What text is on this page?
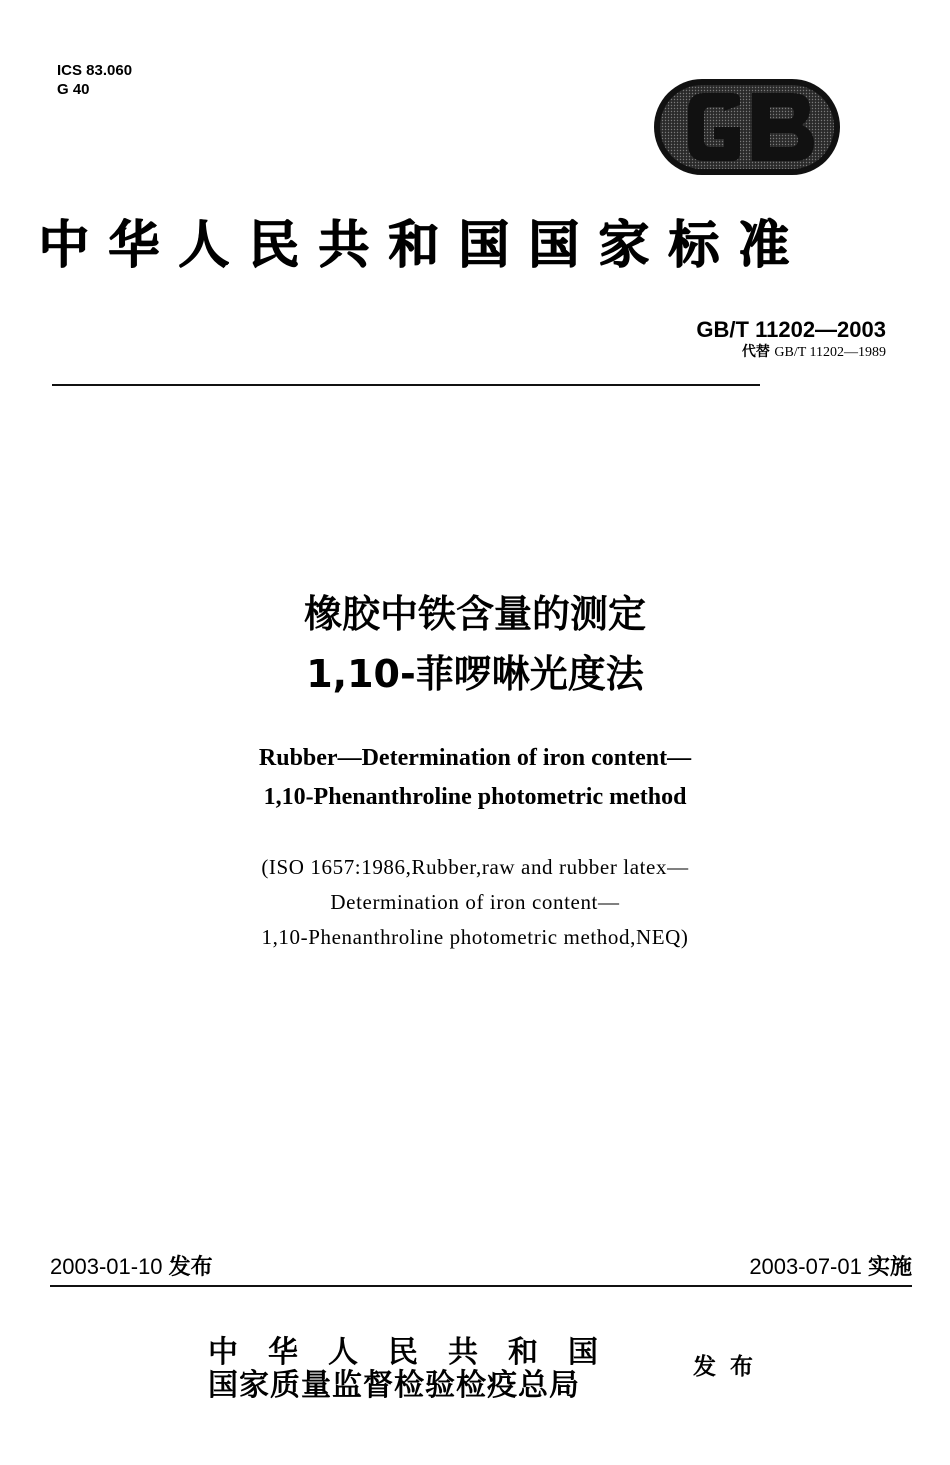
ICS 83.060
G 40
中华人民共和国国家标准
GB/T 11202—2003
代替 GB/T 11202—1989
橡胶中铁含量的测定
1,10-菲啰啉光度法
Rubber—Determination of iron content—
1,10-Phenanthroline photometric method
(ISO 1657:1986,Rubber,raw and rubber latex—
Determination of iron content—
1,10-Phenanthroline photometric method,NEQ)
2003-01-10 发布	2003-07-01 实施
中华人民共和国
国家质量监督检验检疫总局
发布
